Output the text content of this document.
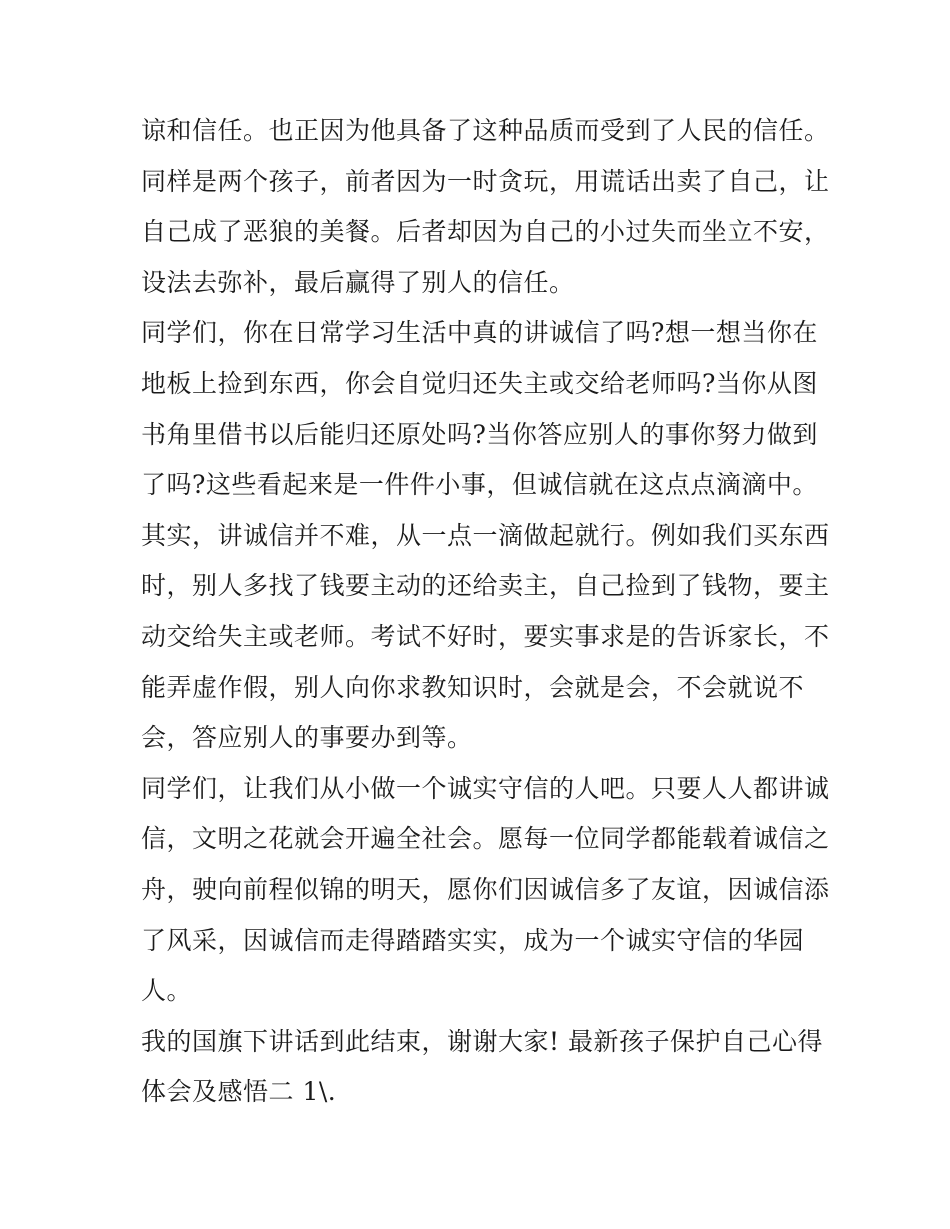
谅和信任。也正因为他具备了这种品质而受到了人民的信任。
同样是两个孩子，前者因为一时贪玩，用谎话出卖了自己，让
自己成了恶狼的美餐。后者却因为自己的小过失而坐立不安，
设法去弥补，最后赢得了别人的信任。
同学们，你在日常学习生活中真的讲诚信了吗?想一想当你在
地板上捡到东西，你会自觉归还失主或交给老师吗?当你从图
书角里借书以后能归还原处吗?当你答应别人的事你努力做到
了吗?这些看起来是一件件小事，但诚信就在这点点滴滴中。
其实，讲诚信并不难，从一点一滴做起就行。例如我们买东西
时，别人多找了钱要主动的还给卖主，自己捡到了钱物，要主
动交给失主或老师。考试不好时，要实事求是的告诉家长，不
能弄虚作假，别人向你求教知识时，会就是会，不会就说不
会，答应别人的事要办到等。
同学们，让我们从小做一个诚实守信的人吧。只要人人都讲诚
信，文明之花就会开遍全社会。愿每一位同学都能载着诚信之
舟，驶向前程似锦的明天，愿你们因诚信多了友谊，因诚信添
了风采，因诚信而走得踏踏实实，成为一个诚实守信的华园
人。
我的国旗下讲话到此结束，谢谢大家! 最新孩子保护自己心得
体会及感悟二 1\.
